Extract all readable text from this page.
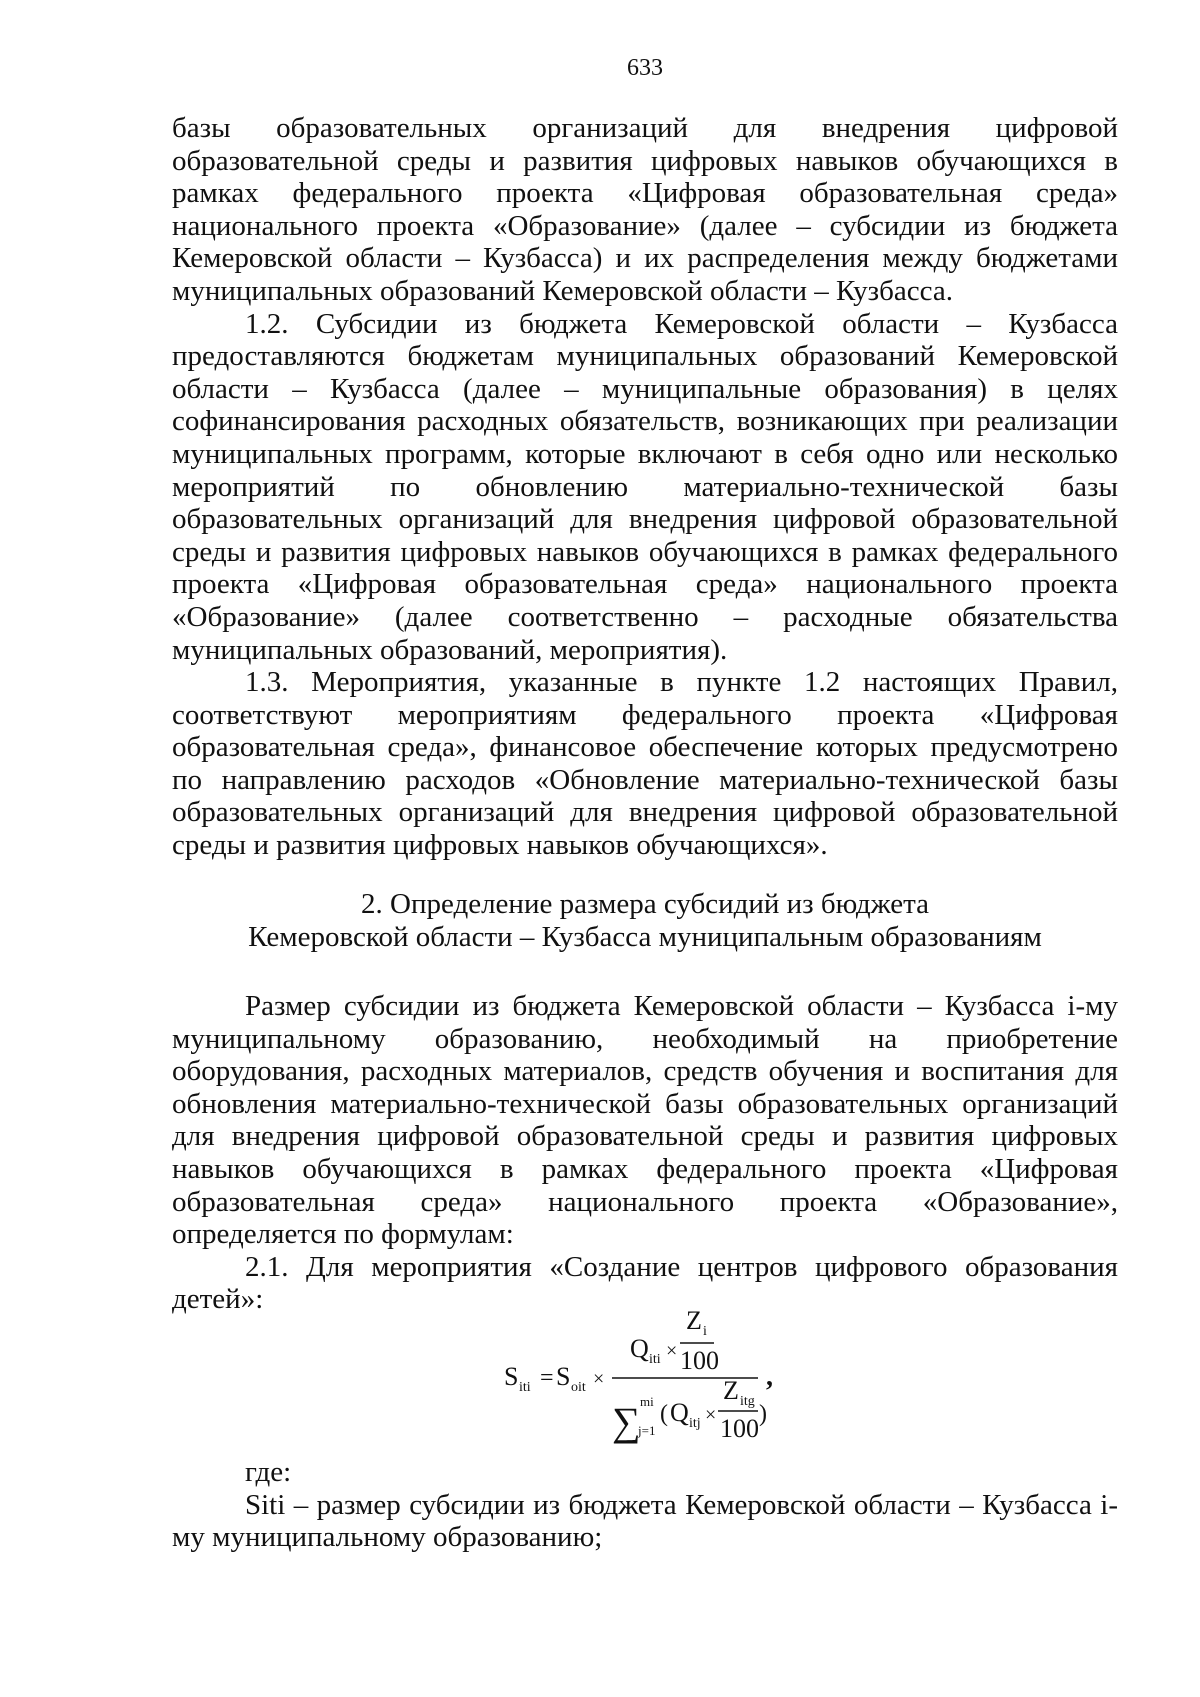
633

базы образовательных организаций для внедрения цифровой образовательной среды и развития цифровых навыков обучающихся в рамках федерального проекта «Цифровая образовательная среда» национального проекта «Образование» (далее – субсидии из бюджета Кемеровской области – Кузбасса) и их распределения между бюджетами муниципальных образований Кемеровской области – Кузбасса.

1.2. Субсидии из бюджета Кемеровской области – Кузбасса предоставляются бюджетам муниципальных образований Кемеровской области – Кузбасса (далее – муниципальные образования) в целях софинансирования расходных обязательств, возникающих при реализации муниципальных программ, которые включают в себя одно или несколько мероприятий по обновлению материально-технической базы образовательных организаций для внедрения цифровой образовательной среды и развития цифровых навыков обучающихся в рамках федерального проекта «Цифровая образовательная среда» национального проекта «Образование» (далее соответственно – расходные обязательства муниципальных образований, мероприятия).

1.3. Мероприятия, указанные в пункте 1.2 настоящих Правил, соответствуют мероприятиям федерального проекта «Цифровая образовательная среда», финансовое обеспечение которых предусмотрено по направлению расходов «Обновление материально-технической базы образовательных организаций для внедрения цифровой образовательной среды и развития цифровых навыков обучающихся».

2. Определение размера субсидий из бюджета
Кемеровской области – Кузбасса муниципальным образованиям

Размер субсидии из бюджета Кемеровской области – Кузбасса i-му муниципальному образованию, необходимый на приобретение оборудования, расходных материалов, средств обучения и воспитания для обновления материально-технической базы образовательных организаций для внедрения цифровой образовательной среды и развития цифровых навыков обучающихся в рамках федерального проекта «Цифровая образовательная среда» национального проекта «Образование», определяется по формулам:

2.1. Для мероприятия «Создание центров цифрового образования детей»:

S iti = S oit ×
Q iti ×
Z i
100
∑ mi
j=1
( Q itj ×
Z itg
100 )
,

где:

Siti – размер субсидии из бюджета Кемеровской области – Кузбасса i-му муниципальному образованию;
